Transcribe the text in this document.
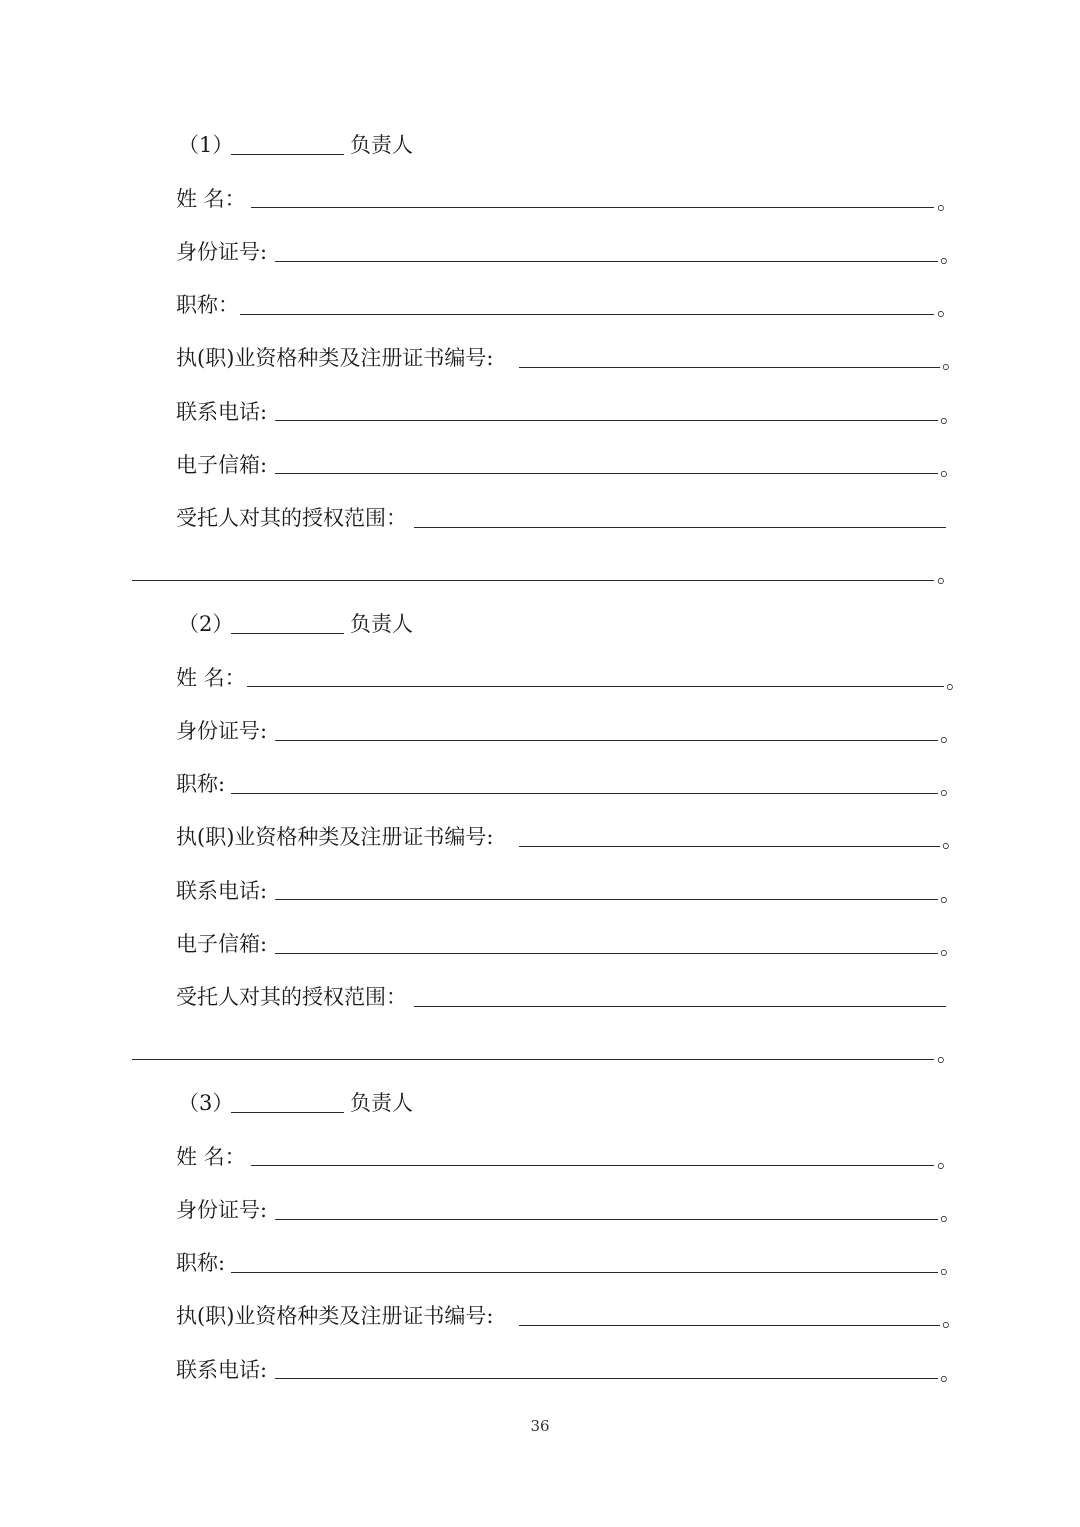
（1）	负责人
姓 名：	。
身份证号:	。
职称：	。
执(职)业资格种类及注册证书编号:	。
联系电话:	。
电子信箱:	。
受托人对其的授权范围：
。
（2）	负责人
姓 名：	。
身份证号:	。
职称:	。
执(职)业资格种类及注册证书编号:	。
联系电话:	。
电子信箱:	。
受托人对其的授权范围：
。
（3）	负责人
姓 名：	。
身份证号:	。
职称:	。
执(职)业资格种类及注册证书编号:	。
联系电话:	。
36
